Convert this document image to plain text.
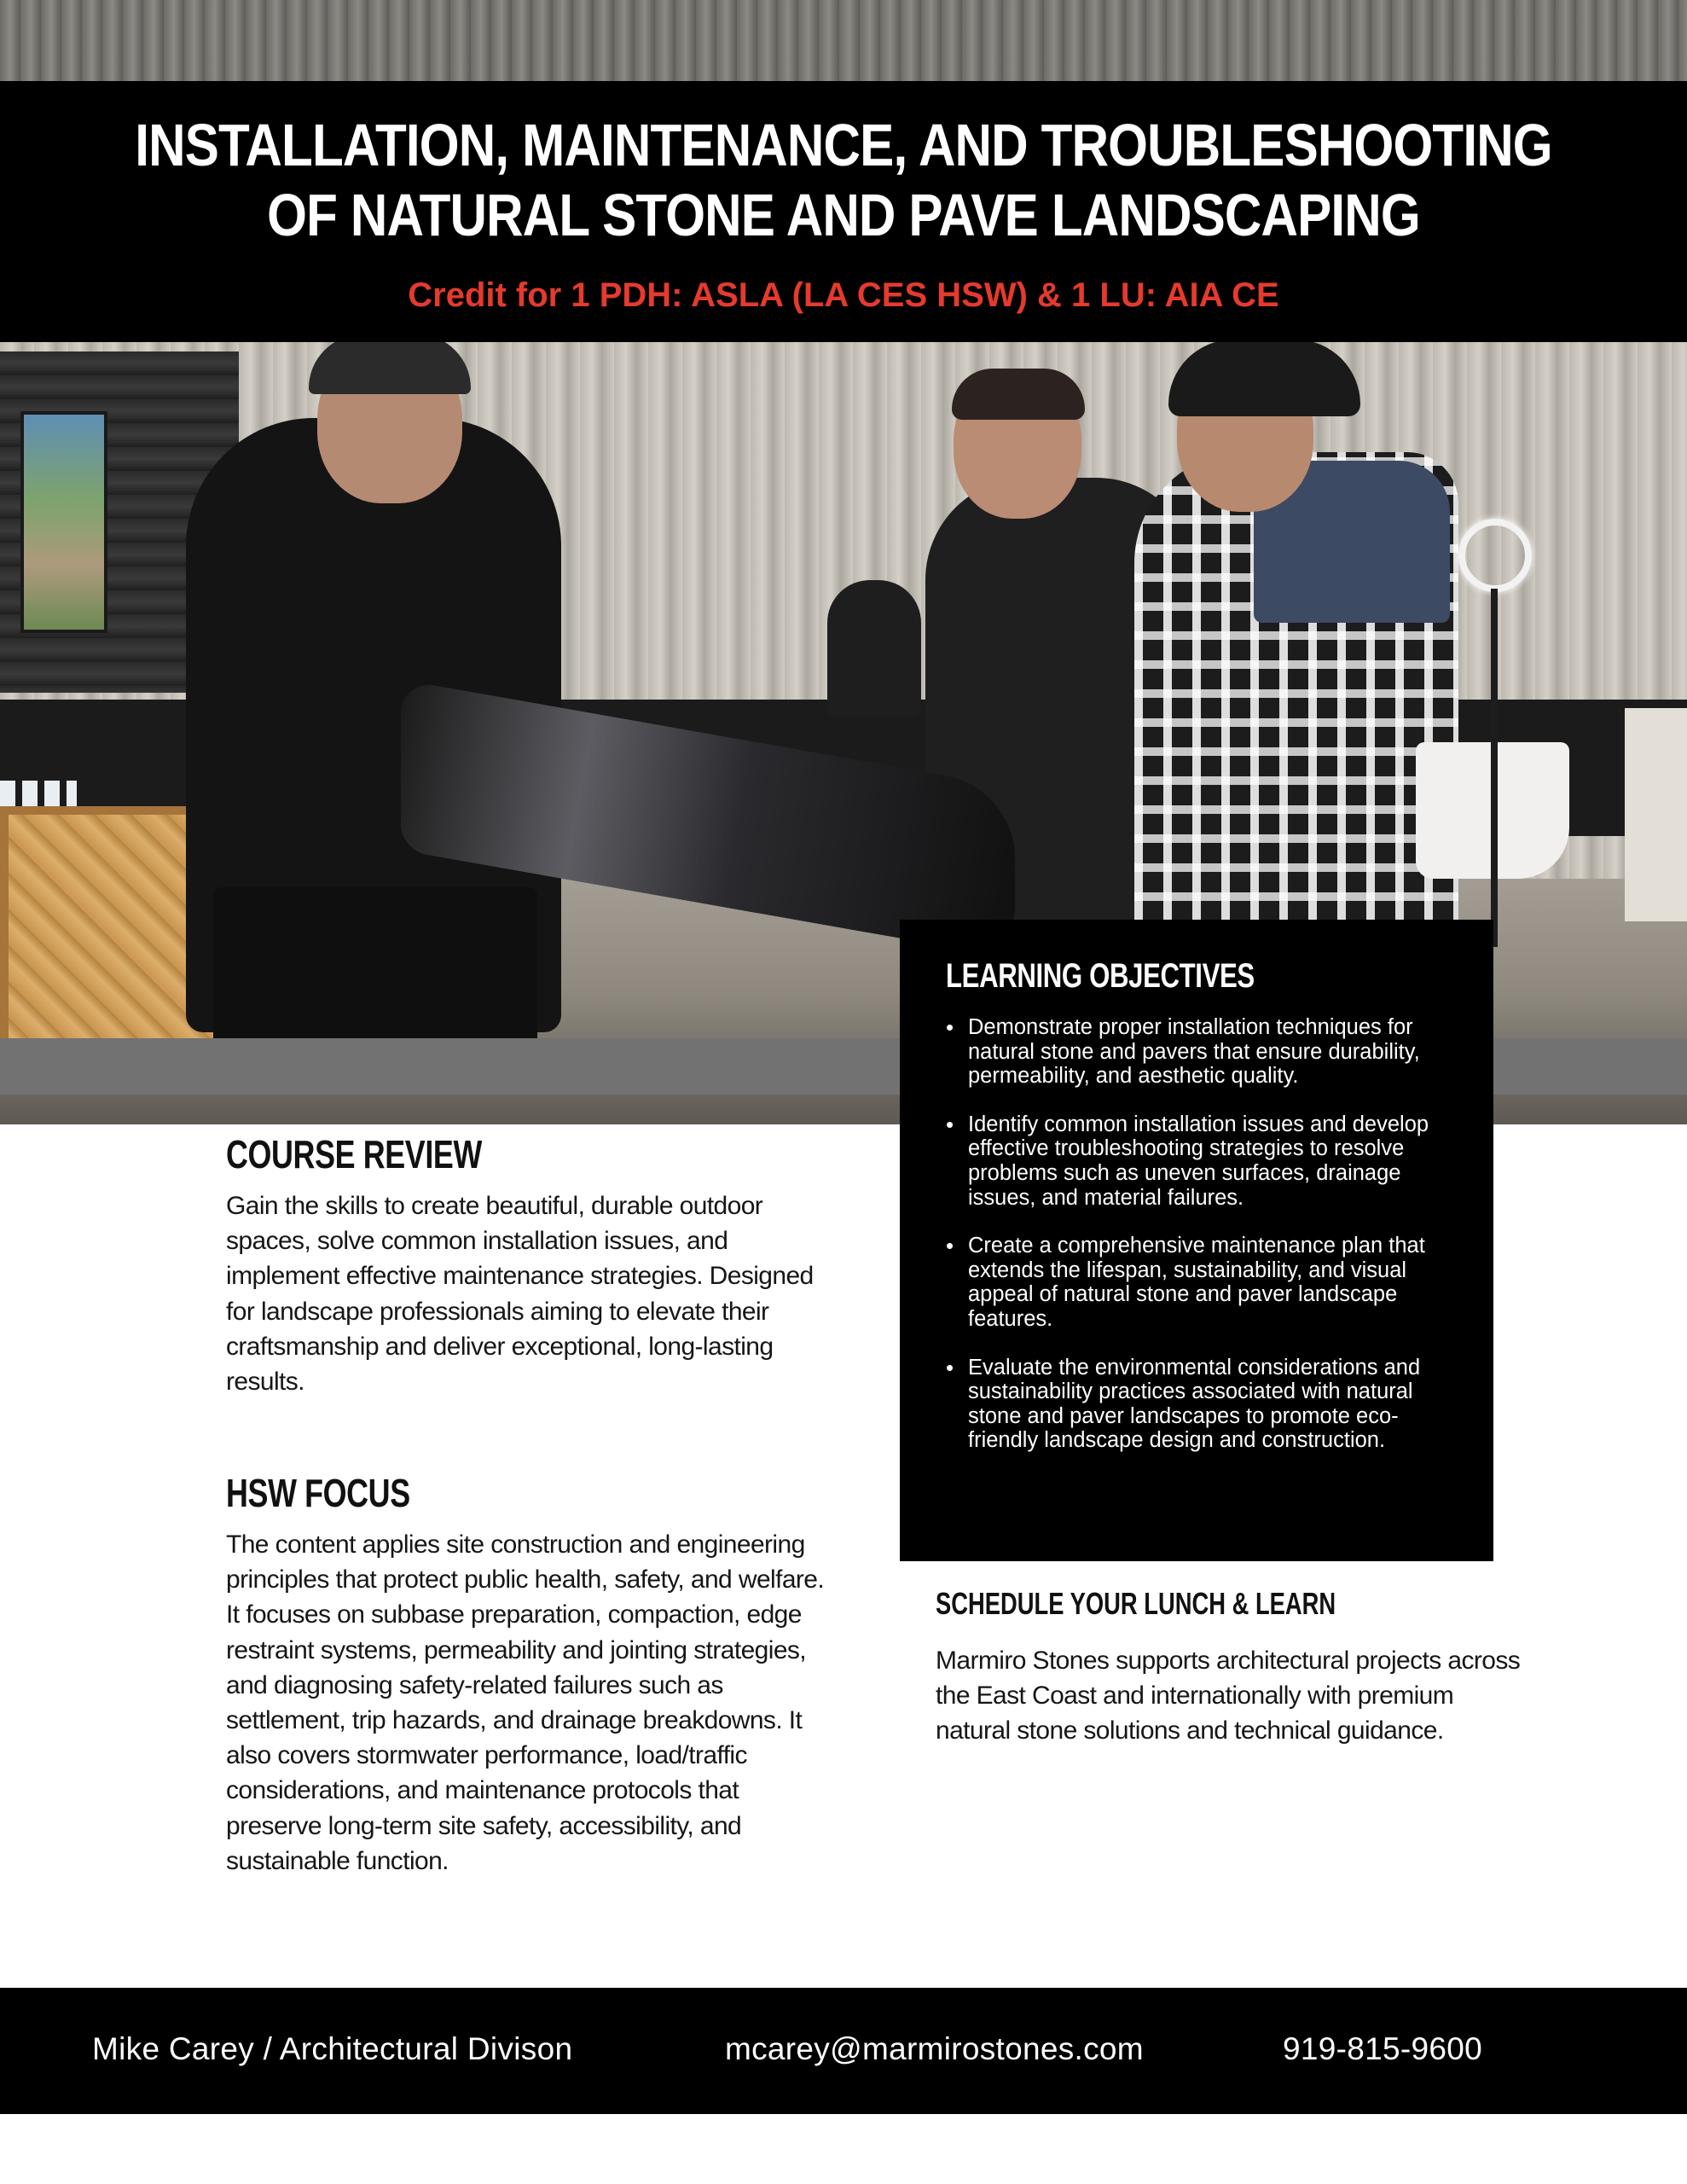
INSTALLATION, MAINTENANCE, AND TROUBLESHOOTING
OF NATURAL STONE AND PAVE LANDSCAPING
Credit for 1 PDH: ASLA (LA CES HSW) & 1 LU: AIA CE
LEARNING OBJECTIVES
• Demonstrate proper installation techniques for natural stone and pavers that ensure durability, permeability, and aesthetic quality.
• Identify common installation issues and develop effective troubleshooting strategies to resolve problems such as uneven surfaces, drainage issues, and material failures.
• Create a comprehensive maintenance plan that extends the lifespan, sustainability, and visual appeal of natural stone and paver landscape features.
• Evaluate the environmental considerations and sustainability practices associated with natural stone and paver landscapes to promote eco-friendly landscape design and construction.
COURSE REVIEW
Gain the skills to create beautiful, durable outdoor spaces, solve common installation issues, and implement effective maintenance strategies. Designed for landscape professionals aiming to elevate their craftsmanship and deliver exceptional, long-lasting results.
HSW FOCUS
The content applies site construction and engineering principles that protect public health, safety, and welfare. It focuses on subbase preparation, compaction, edge restraint systems, permeability and jointing strategies, and diagnosing safety-related failures such as settlement, trip hazards, and drainage breakdowns. It also covers stormwater performance, load/traffic considerations, and maintenance protocols that preserve long-term site safety, accessibility, and sustainable function.
SCHEDULE YOUR LUNCH & LEARN
Marmiro Stones supports architectural projects across the East Coast and internationally with premium natural stone solutions and technical guidance.
Mike Carey / Architectural Divison	mcarey@marmirostones.com	919-815-9600
